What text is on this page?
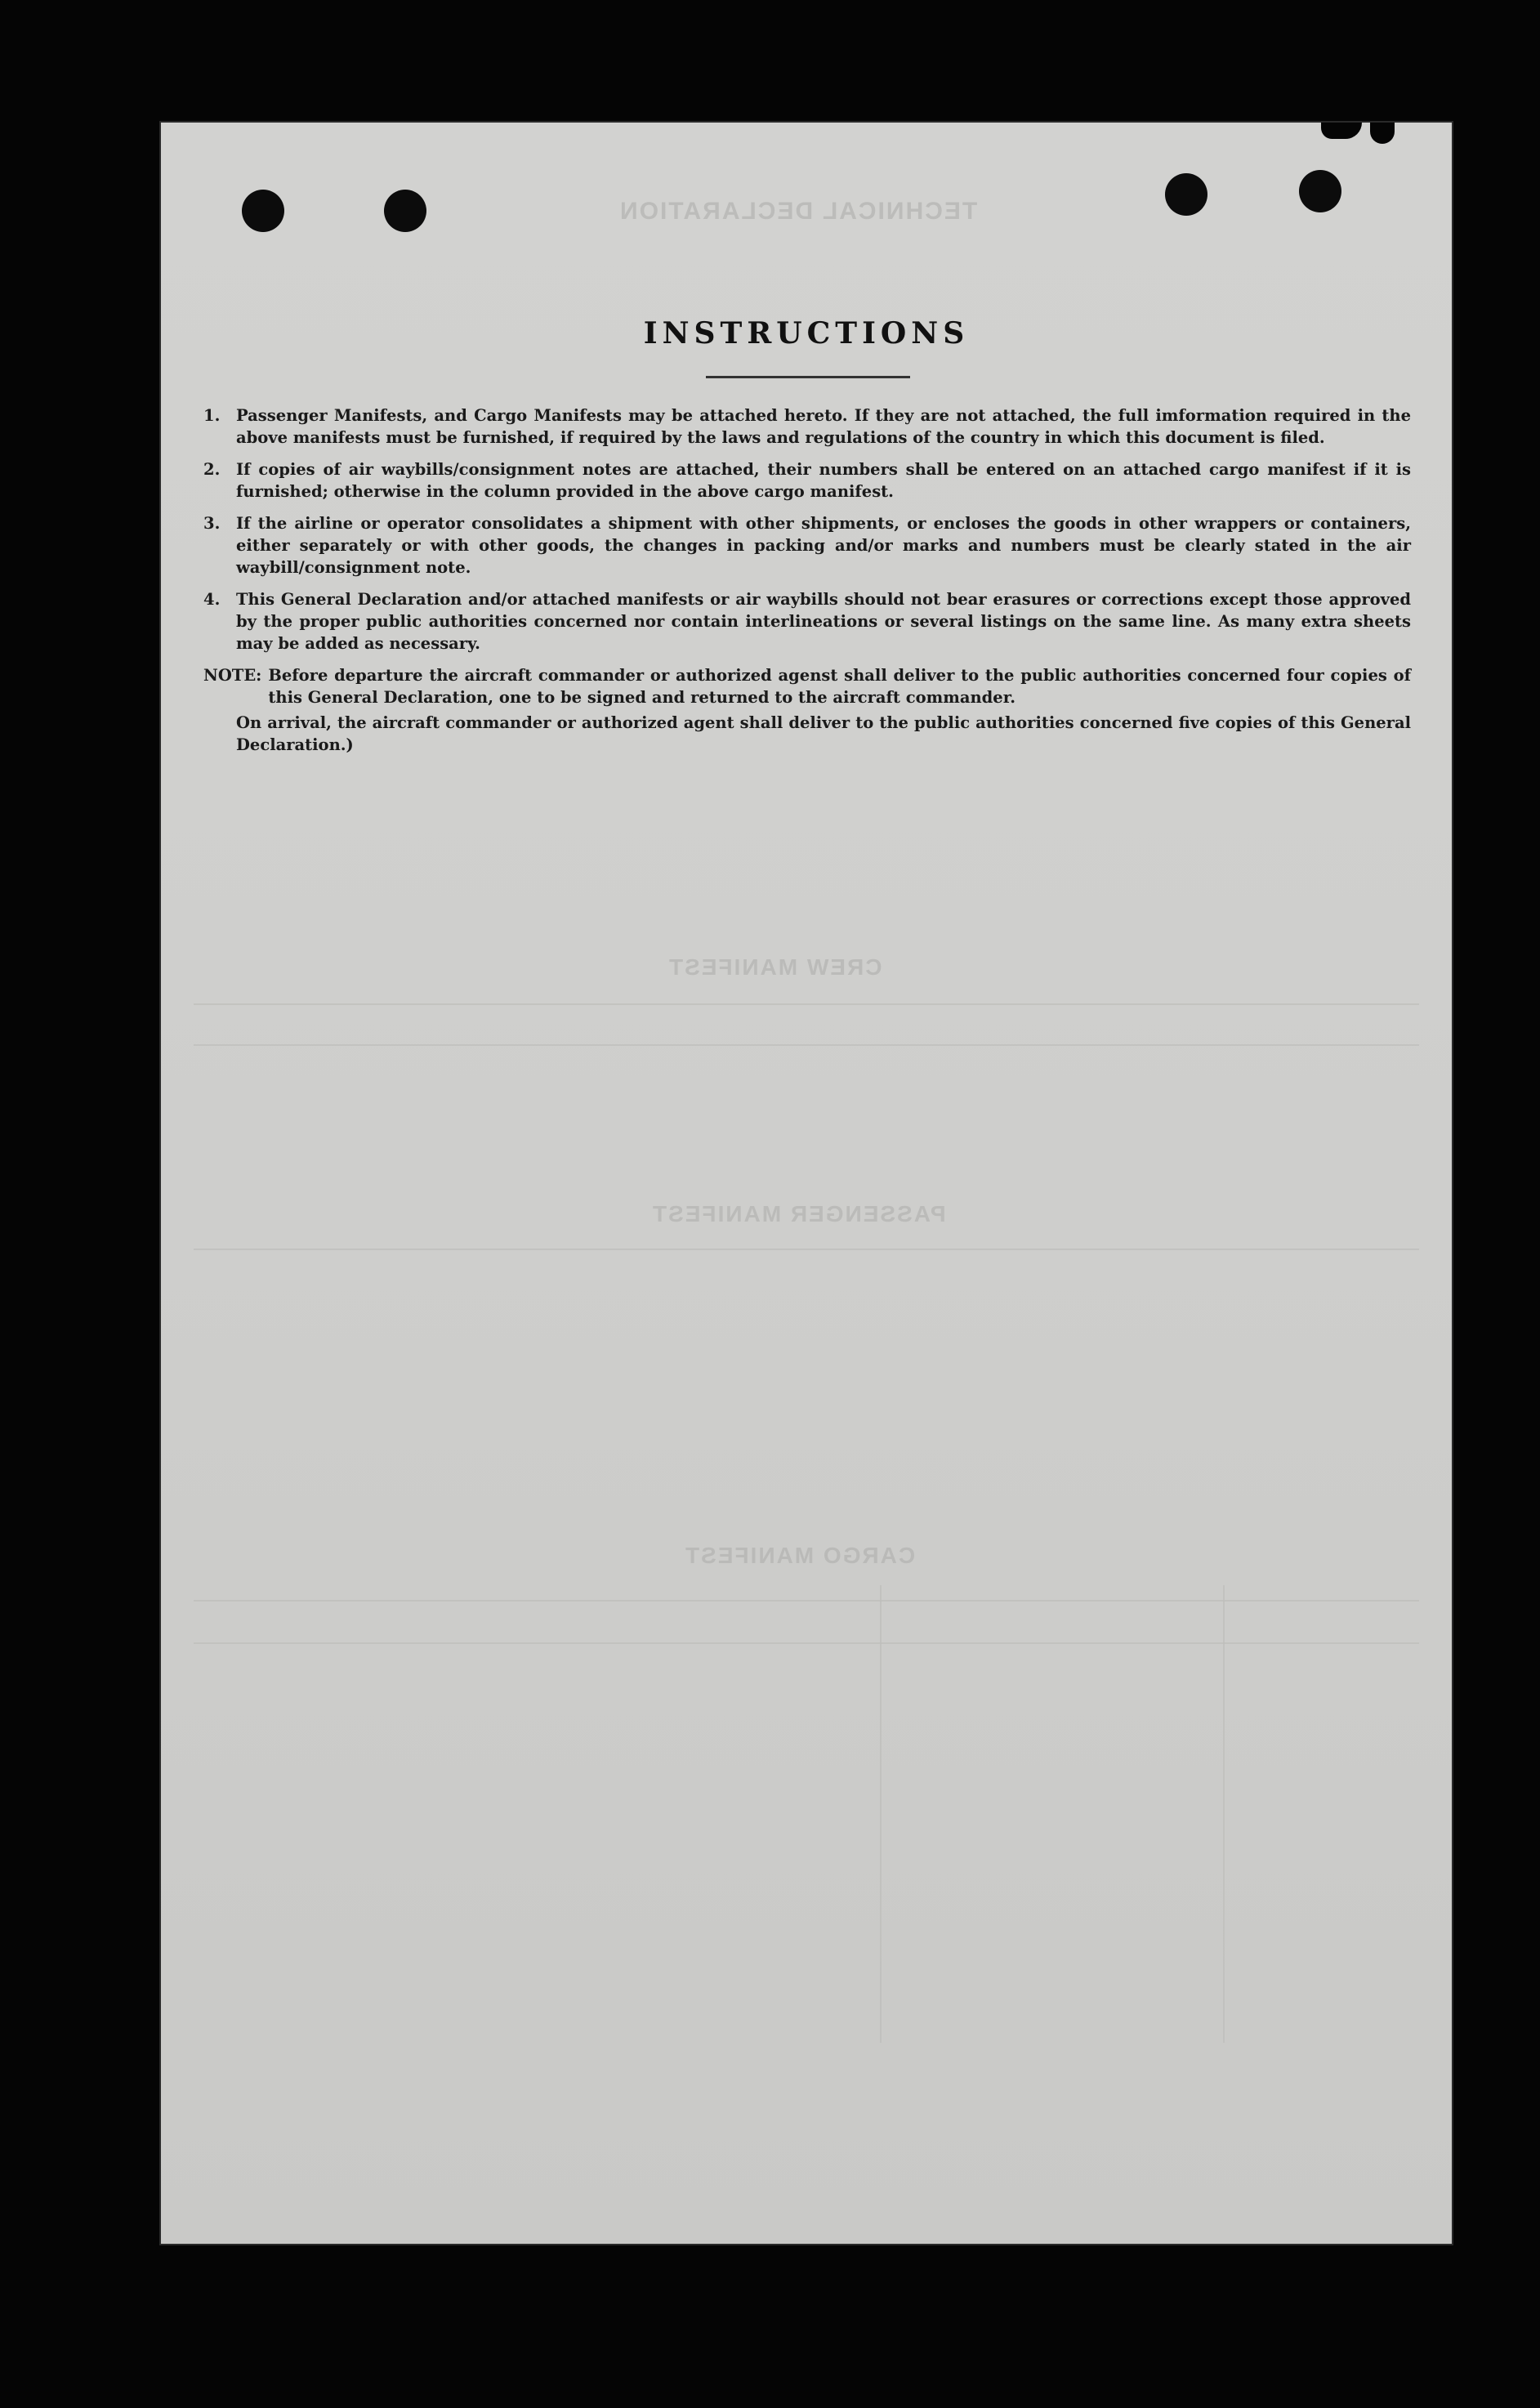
TECHNICAL DECLARATION
CREW MANIFEST
PASSENGER MANIFEST
CARGO MANIFEST
INSTRUCTIONS
1.	Passenger Manifests, and Cargo Manifests may be attached hereto. If they are not attached, the full imformation required in the above manifests must be furnished, if required by the laws and regulations of the country in which this document is filed.
2.	If copies of air waybills/consignment notes are attached, their numbers shall be entered on an attached cargo manifest if it is furnished; otherwise in the column provided in the above cargo manifest.
3.	If the airline or operator consolidates a shipment with other shipments, or encloses the goods in other wrappers or containers, either separately or with other goods, the changes in packing and/or marks and numbers must be clearly stated in the air waybill/consignment note.
4.	This General Declaration and/or attached manifests or air waybills should not bear erasures or corrections except those approved by the proper public authorities concerned nor contain interlineations or several listings on the same line. As many extra sheets may be added as necessary.
NOTE: Before departure the aircraft commander or authorized agenst shall deliver to the public authorities concerned four copies of this General Declaration, one to be signed and returned to the aircraft commander.
On arrival, the aircraft commander or authorized agent shall deliver to the public authorities concerned five copies of this General Declaration.)
